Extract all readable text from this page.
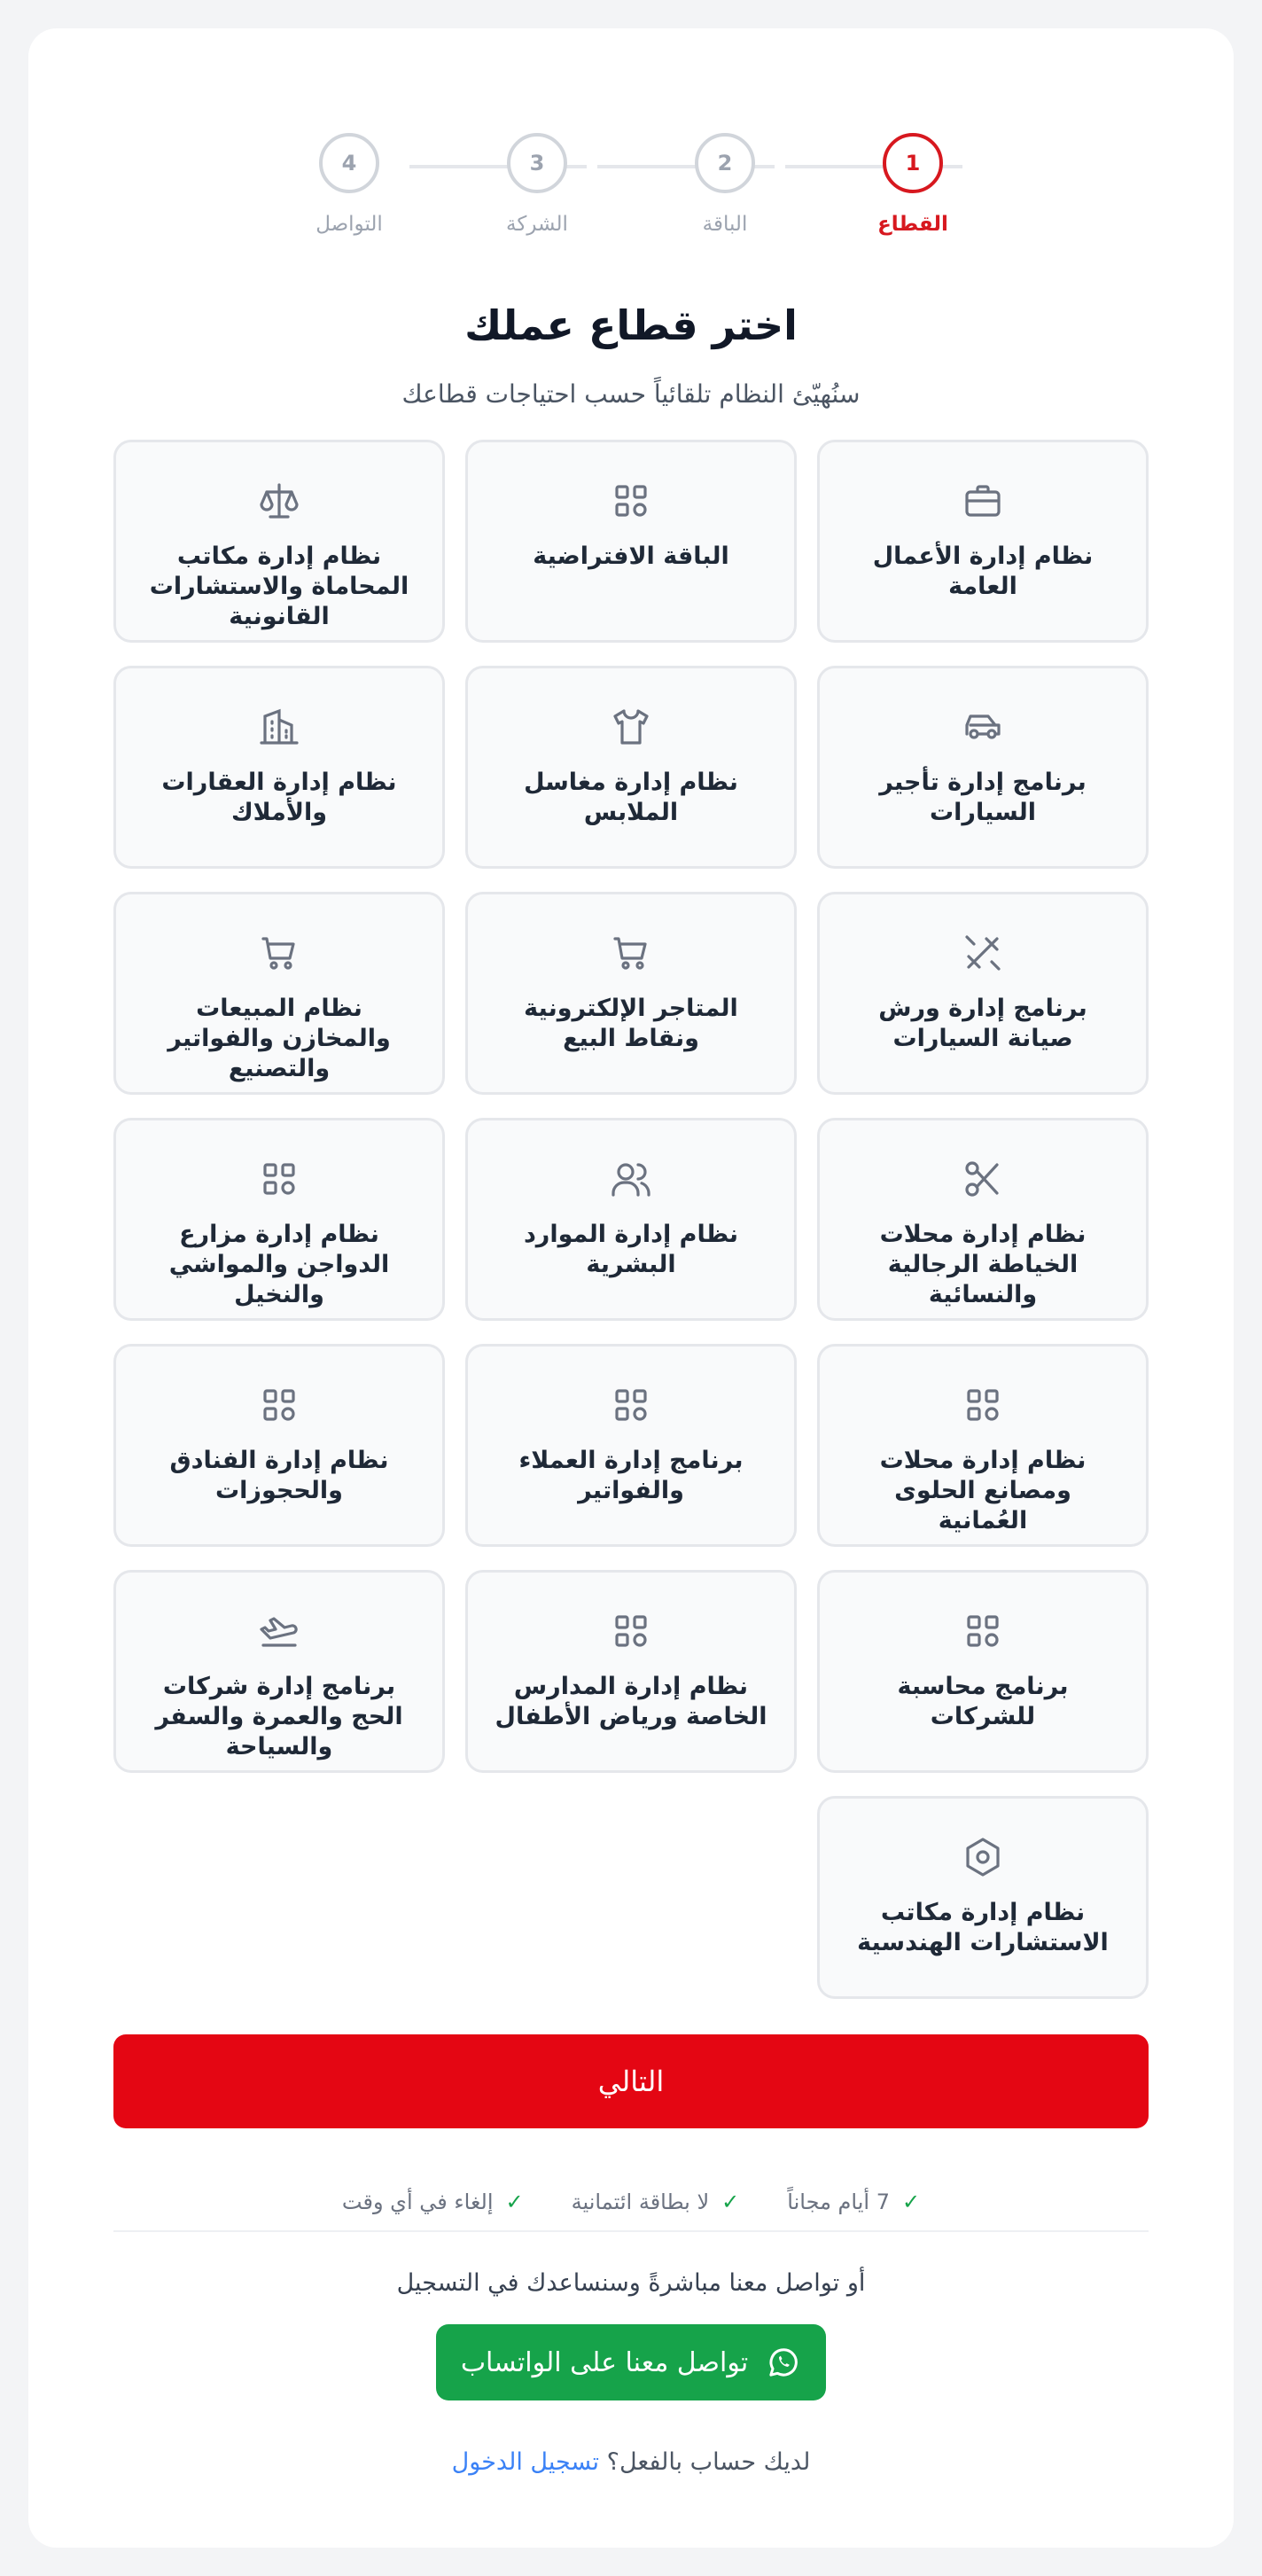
4
التواصل
3
الشركة
2
الباقة
1
القطاع
اختر قطاع عملك
سنُهيّئ النظام تلقائياً حسب احتياجات قطاعك
نظام إدارة الأعمال العامة
الباقة الافتراضية
نظام إدارة مكاتب المحاماة والاستشارات القانونية
برنامج إدارة تأجير السيارات
نظام إدارة مغاسل الملابس
نظام إدارة العقارات والأملاك
برنامج إدارة ورش صيانة السيارات
المتاجر الإلكترونية ونقاط البيع
نظام المبيعات والمخازن والفواتير والتصنيع
نظام إدارة محلات الخياطة الرجالية والنسائية
نظام إدارة الموارد البشرية
نظام إدارة مزارع الدواجن والمواشي والنخيل
نظام إدارة محلات ومصانع الحلوى العُمانية
برنامج إدارة العملاء والفواتير
نظام إدارة الفنادق والحجوزات
برنامج محاسبة للشركات
نظام إدارة المدارس الخاصة ورياض الأطفال
برنامج إدارة شركات الحج والعمرة والسفر والسياحة
نظام إدارة مكاتب الاستشارات الهندسية
التالي
✓
7 أيام مجاناً
✓
لا بطاقة ائتمانية
✓
إلغاء في أي وقت
أو تواصل معنا مباشرةً وسنساعدك في التسجيل
تواصل معنا على الواتساب
لديك حساب بالفعل؟ تسجيل الدخول
